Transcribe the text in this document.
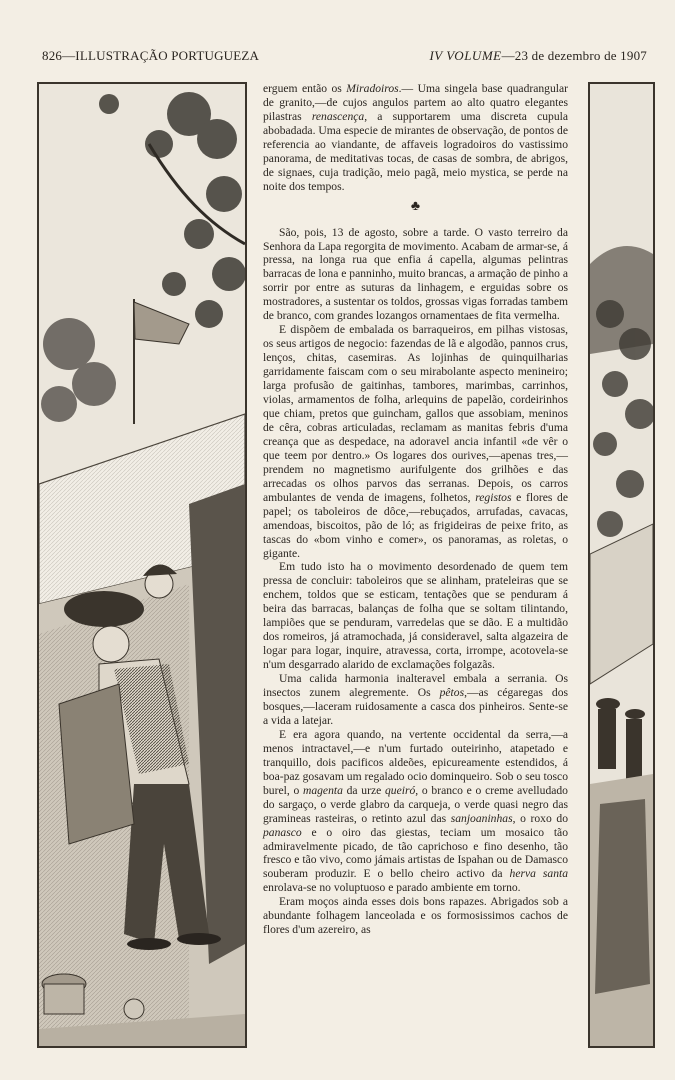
826—ILLUSTRAÇÃO PORTUGUEZA	IV VOLUME—23 de dezembro de 1907

erguem então os Miradoiros.— Uma singela base quadrangular de granito,—de cujos angulos partem ao alto quatro elegantes pilastras renascença, a supportarem uma discreta cupula abobadada. Uma especie de mirantes de observação, de pontos de referencia ao viandante, de affaveis logradoiros do vastissimo panorama, de meditativas tocas, de casas de sombra, de abrigos, de signaes, cuja tradição, meio pagã, meio mystica, se perde na noite dos tempos.

♣

São, pois, 13 de agosto, sobre a tarde. O vasto terreiro da Senhora da Lapa regorgita de movimento. Acabam de armar-se, á pressa, na longa rua que enfia á capella, algumas pelintras barracas de lona e panninho, muito brancas, a armação de pinho a sorrir por entre as suturas da linhagem, e erguidas sobre os mostradores, a sustentar os toldos, grossas vigas forradas tambem de branco, com grandes lozangos ornamentaes de fita vermelha.

E dispõem de embalada os barraqueiros, em pilhas vistosas, os seus artigos de negocio: fazendas de lã e algodão, pannos crus, lenços, chitas, casemiras. As lojinhas de quinquilharias garridamente faiscam com o seu mirabolante aspecto menineiro; larga profusão de gaitinhas, tambores, marimbas, carrinhos, violas, armamentos de folha, arlequins de papelão, cordeirinhos que chiam, pretos que guincham, gallos que assobiam, meninos de cêra, cobras articuladas, reclamam as manitas febris d'uma creança que as despedace, na adoravel ancia infantil «de vêr o que teem por dentro.» Os logares dos ourives,—apenas tres,—prendem no magnetismo aurifulgente dos grilhões e das arrecadas os olhos parvos das serranas. Depois, os carros ambulantes de venda de imagens, folhetos, registos e flores de papel; os taboleiros de dôce,—rebuçados, arrufadas, cavacas, amendoas, biscoitos, pão de ló; as frigideiras de peixe frito, as tascas do «bom vinho e comer», os panoramas, as roletas, o gigante.

Em tudo isto ha o movimento desordenado de quem tem pressa de concluir: taboleiros que se alinham, prateleiras que se enchem, toldos que se esticam, tentações que se penduram á beira das barracas, balanças de folha que se soltam tilintando, lampiões que se penduram, varredelas que se dão. E a multidão dos romeiros, já atramochada, já consideravel, salta algazeira de logar para logar, inquire, atravessa, corta, irrompe, acotovela-se n'um desgarrado alarido de exclamações folgazãs.

Uma calida harmonia inalteravel embala a serrania. Os insectos zunem alegremente. Os pêtos,—as cégaregas dos bosques,—laceram ruidosamente a casca dos pinheiros. Sente-se a vida a latejar.

E era agora quando, na vertente occidental da serra,—a menos intractavel,—e n'um furtado outeirinho, atapetado e tranquillo, dois pacificos aldeões, epicureamente estendidos, á boa-paz gosavam um regalado ocio dominqueiro. Sob o seu tosco burel, o magenta da urze queiró, o branco e o creme avelludado do sargaço, o verde glabro da carqueja, o verde quasi negro das gramineas rasteiras, o retinto azul das sanjoaninhas, o roxo do panasco e o oiro das giestas, teciam um mosaico tão admiravelmente picado, de tão caprichoso e fino desenho, tão fresco e tão vivo, como jámais artistas de Ispahan ou de Damasco souberam produzir. E o bello cheiro activo da herva santa enrolava-se no voluptuoso e parado ambiente em torno.

Eram moços ainda esses dois bons rapazes. Abrigados sob a abundante folhagem lanceolada e os formosissimos cachos de flores d'um azereiro, as
